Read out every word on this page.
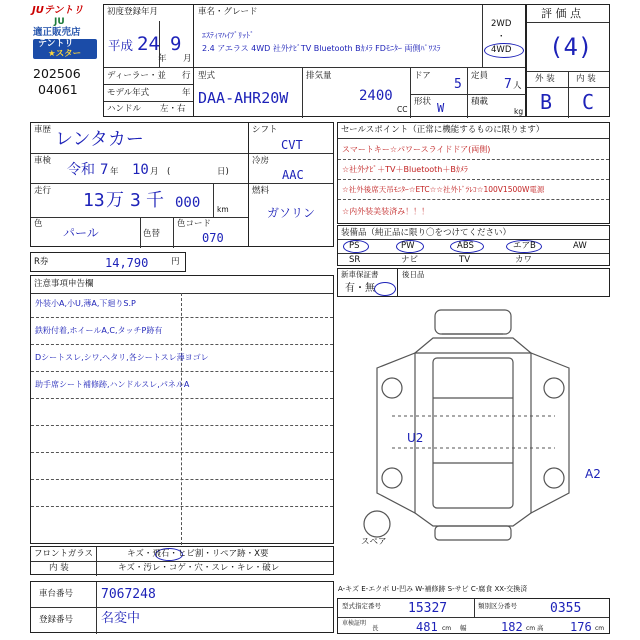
JUテントリ
JU
適正販売店
テントリ
★スター
202506
04061
初度登録年月
平成 24
年
9
月
ディーラー・並 行
モデル年式	年
ハンドル 左・右
車名・グレード
ｴｽﾃｨﾏﾊｲﾌﾞﾘｯﾄﾞ
2.4 アエラス 4WD 社外ﾅﾋﾞTV Bluetooth Bｶﾒﾗ FDﾓﾆﾀｰ 両側ﾊﾟﾜｽﾗ
2WD
・
4WD
型式
DAA-AHR20W
排気量
2400
CC
ドア
5
定員
7 人
形状 W	積載
kg
評 価 点
(4)
外 装	内 装
B C
車歴 レンタカー
車検
令和 7 年 10 月 (	日)
走行 13 万 3 千 000 km
色
パール	色替
色コード
070
シフト
CVT
冷房
AAC
燃料
ガソリン
R券	14,790	円
注意事項申告欄
外装小A,小U,薄A,下廻りS.P
鉄粉付着,ホイールA,C,タッチP跡有
Dシートスレ,シワ,ヘタリ,各シートスレ薄ヨゴレ
助手席シート補修跡,ハンドルスレ,パネルA
セールスポイント（正常に機能するものに限ります）
スマートキー☆パワースライドドア(両側)
☆社外ﾅﾋﾞ＋TV＋Bluetooth＋Bｶﾒﾗ
☆社外後席天吊ﾓﾆﾀｰ☆ETC☆☆社外ﾄﾞﾗﾚｺ☆100V1500W電源
☆内外装美装済み！！！
装備品（純正品に限り〇をつけてください）
PS	PW	ABS	エアB	AW
SR	ナビ	TV	カワ
新車保証書
有・無
後日品
U2
A2
スペア
フロントガラス	キズ・飛石・ヒビ割・リペア跡・X要
内 装	キズ・汚レ・コゲ・穴・スレ・キレ・破レ
車台番号 7067248
登録番号 名変中
A-キズ E-エクボ U-凹み W-補修跡 S-サビ C-腐食 XX-交換済
型式指定番号 15327	類別区分番号	0355
車検証明
長	481 cm 幅	182 cm 高 176 cm
